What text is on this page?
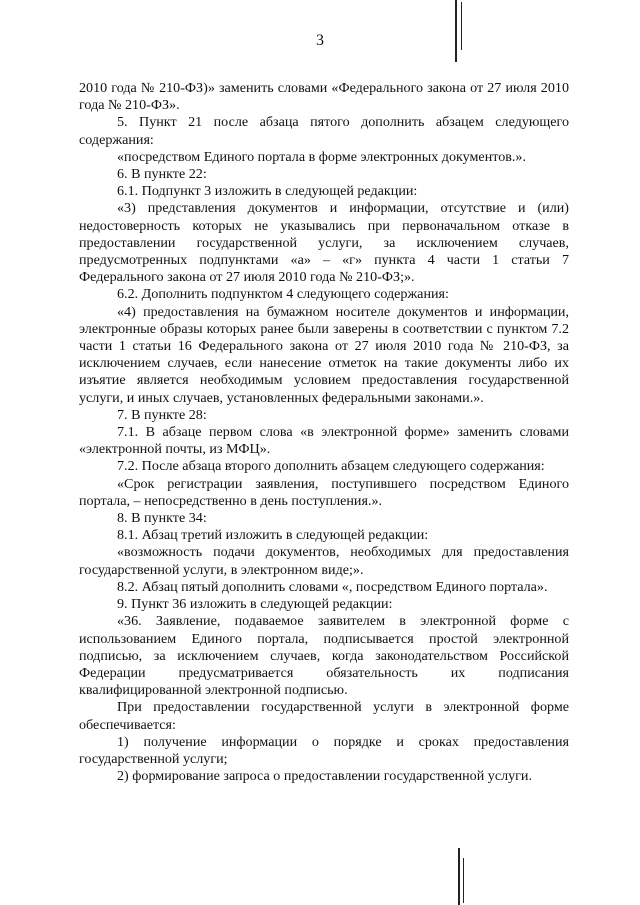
3

2010 года № 210-ФЗ)» заменить словами «Федерального закона от 27 июля 2010 года № 210-ФЗ».

5. Пункт 21 после абзаца пятого дополнить абзацем следующего содержания:

«посредством Единого портала в форме электронных документов.».

6. В пункте 22:

6.1. Подпункт 3 изложить в следующей редакции:

«3) представления документов и информации, отсутствие и (или) недостоверность которых не указывались при первоначальном отказе в предоставлении государственной услуги, за исключением случаев, предусмотренных подпунктами «а» – «г» пункта 4 части 1 статьи 7 Федерального закона от 27 июля 2010 года № 210-ФЗ;».

6.2. Дополнить подпунктом 4 следующего содержания:

«4) предоставления на бумажном носителе документов и информации, электронные образы которых ранее были заверены в соответствии с пунктом 7.2 части 1 статьи 16 Федерального закона от 27 июля 2010 года № 210-ФЗ, за исключением случаев, если нанесение отметок на такие документы либо их изъятие является необходимым условием предоставления государственной услуги, и иных случаев, установленных федеральными законами.».

7. В пункте 28:

7.1. В абзаце первом слова «в электронной форме» заменить словами «электронной почты, из МФЦ».

7.2. После абзаца второго дополнить абзацем следующего содержания:

«Срок регистрации заявления, поступившего посредством Единого портала, – непосредственно в день поступления.».

8. В пункте 34:

8.1. Абзац третий изложить в следующей редакции:

«возможность подачи документов, необходимых для предоставления государственной услуги, в электронном виде;».

8.2. Абзац пятый дополнить словами «, посредством Единого портала».

9. Пункт 36 изложить в следующей редакции:

«36. Заявление, подаваемое заявителем в электронной форме с использованием Единого портала, подписывается простой электронной подписью, за исключением случаев, когда законодательством Российской Федерации предусматривается обязательность их подписания квалифицированной электронной подписью.

При предоставлении государственной услуги в электронной форме обеспечивается:

1) получение информации о порядке и сроках предоставления государственной услуги;

2) формирование запроса о предоставлении государственной услуги.
